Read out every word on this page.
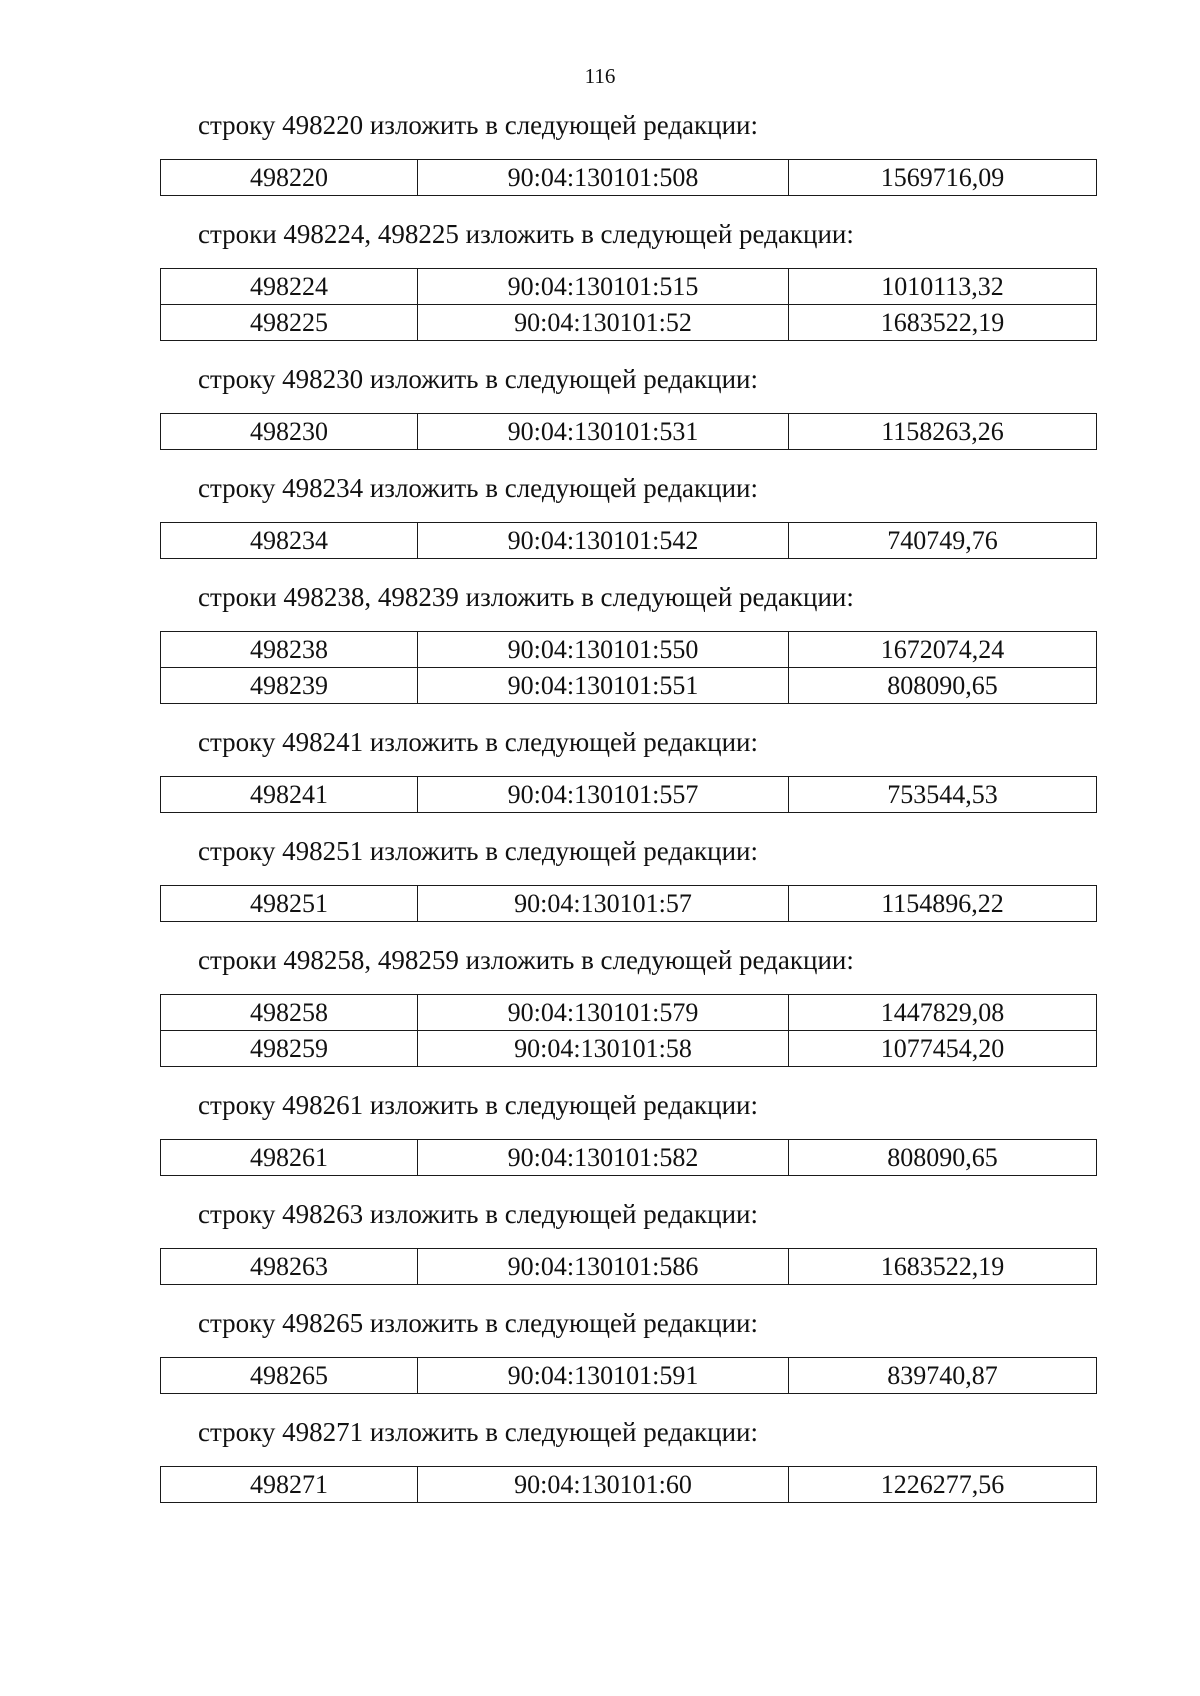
116
строку 498220 изложить в следующей редакции:
498220	90:04:130101:508	1569716,09
строки 498224, 498225 изложить в следующей редакции:
498224	90:04:130101:515	1010113,32
498225	90:04:130101:52	1683522,19
строку 498230 изложить в следующей редакции:
498230	90:04:130101:531	1158263,26
строку 498234 изложить в следующей редакции:
498234	90:04:130101:542	740749,76
строки 498238, 498239 изложить в следующей редакции:
498238	90:04:130101:550	1672074,24
498239	90:04:130101:551	808090,65
строку 498241 изложить в следующей редакции:
498241	90:04:130101:557	753544,53
строку 498251 изложить в следующей редакции:
498251	90:04:130101:57	1154896,22
строки 498258, 498259 изложить в следующей редакции:
498258	90:04:130101:579	1447829,08
498259	90:04:130101:58	1077454,20
строку 498261 изложить в следующей редакции:
498261	90:04:130101:582	808090,65
строку 498263 изложить в следующей редакции:
498263	90:04:130101:586	1683522,19
строку 498265 изложить в следующей редакции:
498265	90:04:130101:591	839740,87
строку 498271 изложить в следующей редакции:
498271	90:04:130101:60	1226277,56
